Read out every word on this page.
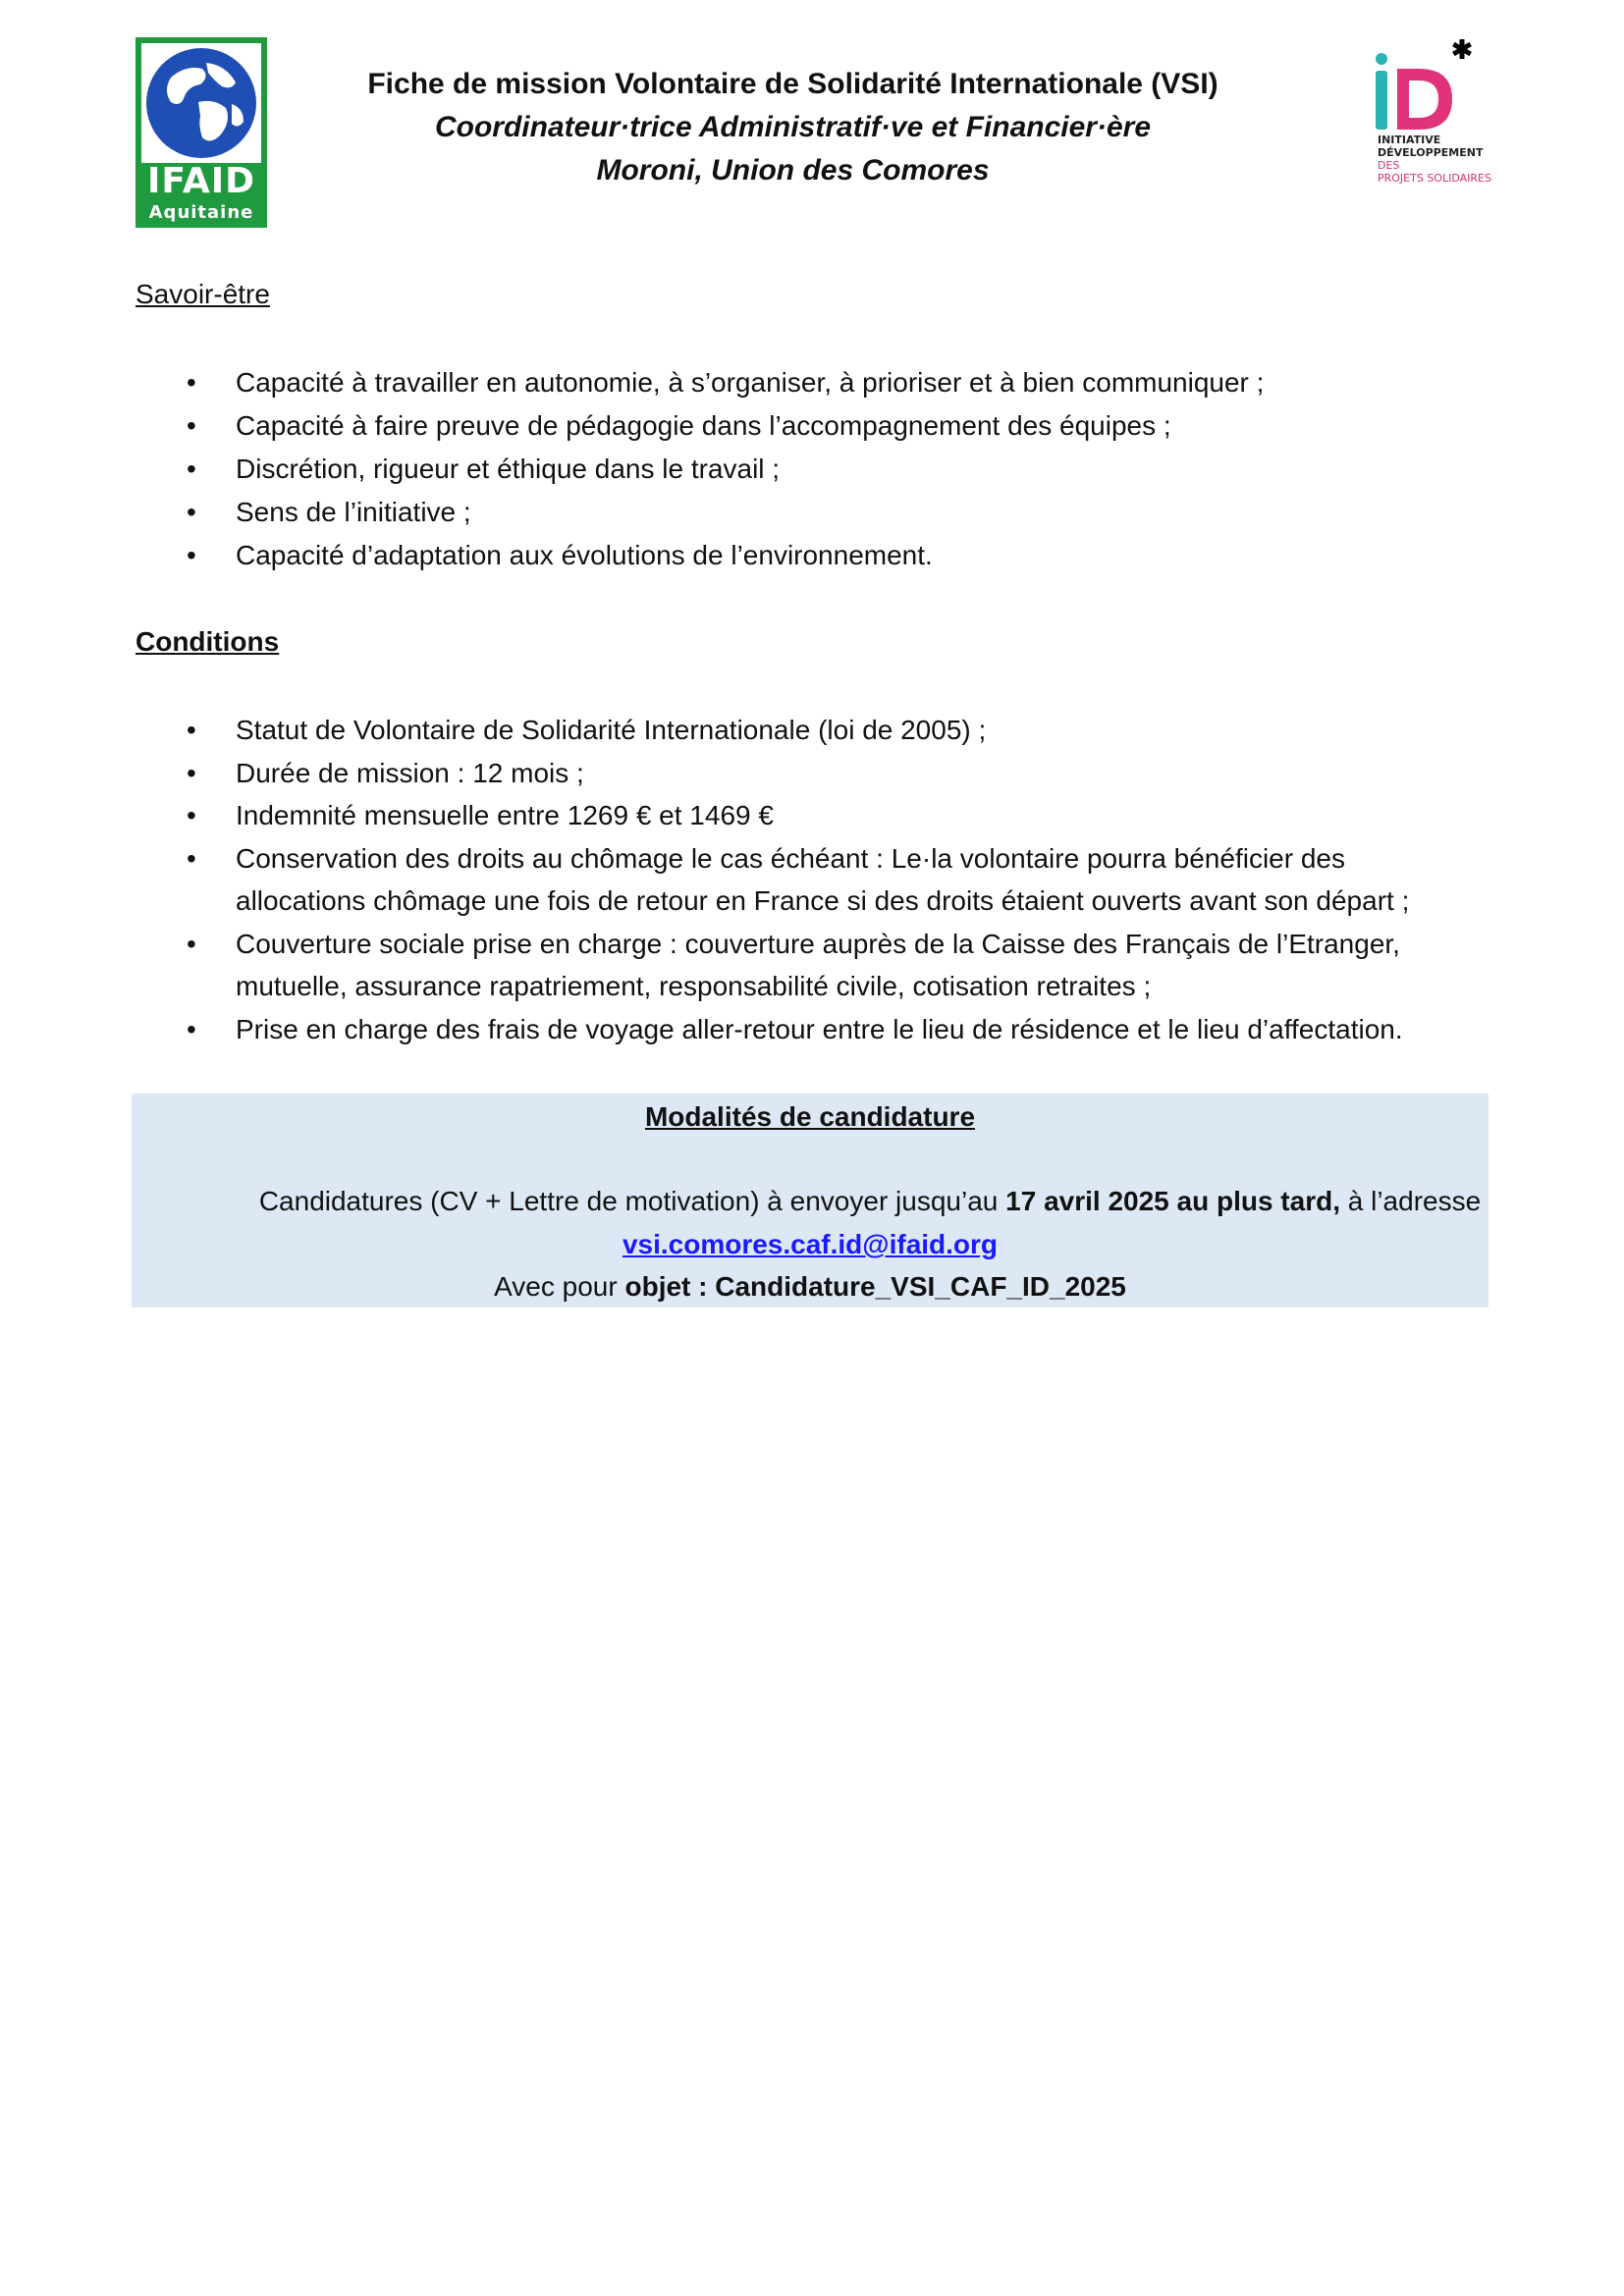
IFAID
Aquitaine
Fiche de mission Volontaire de Solidarité Internationale (VSI)
Coordinateur·trice Administratif·ve et Financier·ère
Moroni, Union des Comores
INITIATIVE
DÉVELOPPEMENT
DES
PROJETS SOLIDAIRES
Savoir-être
• Capacité à travailler en autonomie, à s’organiser, à prioriser et à bien communiquer ;
• Capacité à faire preuve de pédagogie dans l’accompagnement des équipes ;
• Discrétion, rigueur et éthique dans le travail ;
• Sens de l’initiative ;
• Capacité d’adaptation aux évolutions de l’environnement.
Conditions
• Statut de Volontaire de Solidarité Internationale (loi de 2005) ;
• Durée de mission : 12 mois ;
• Indemnité mensuelle entre 1269 € et 1469 €
• Conservation des droits au chômage le cas échéant : Le·la volontaire pourra bénéficier des
allocations chômage une fois de retour en France si des droits étaient ouverts avant son départ ;
• Couverture sociale prise en charge : couverture auprès de la Caisse des Français de l’Etranger,
mutuelle, assurance rapatriement, responsabilité civile, cotisation retraites ;
• Prise en charge des frais de voyage aller-retour entre le lieu de résidence et le lieu d’affectation.
Modalités de candidature
Candidatures (CV + Lettre de motivation) à envoyer jusqu’au 17 avril 2025 au plus tard, à l’adresse
vsi.comores.caf.id@ifaid.org
Avec pour objet : Candidature_VSI_CAF_ID_2025
